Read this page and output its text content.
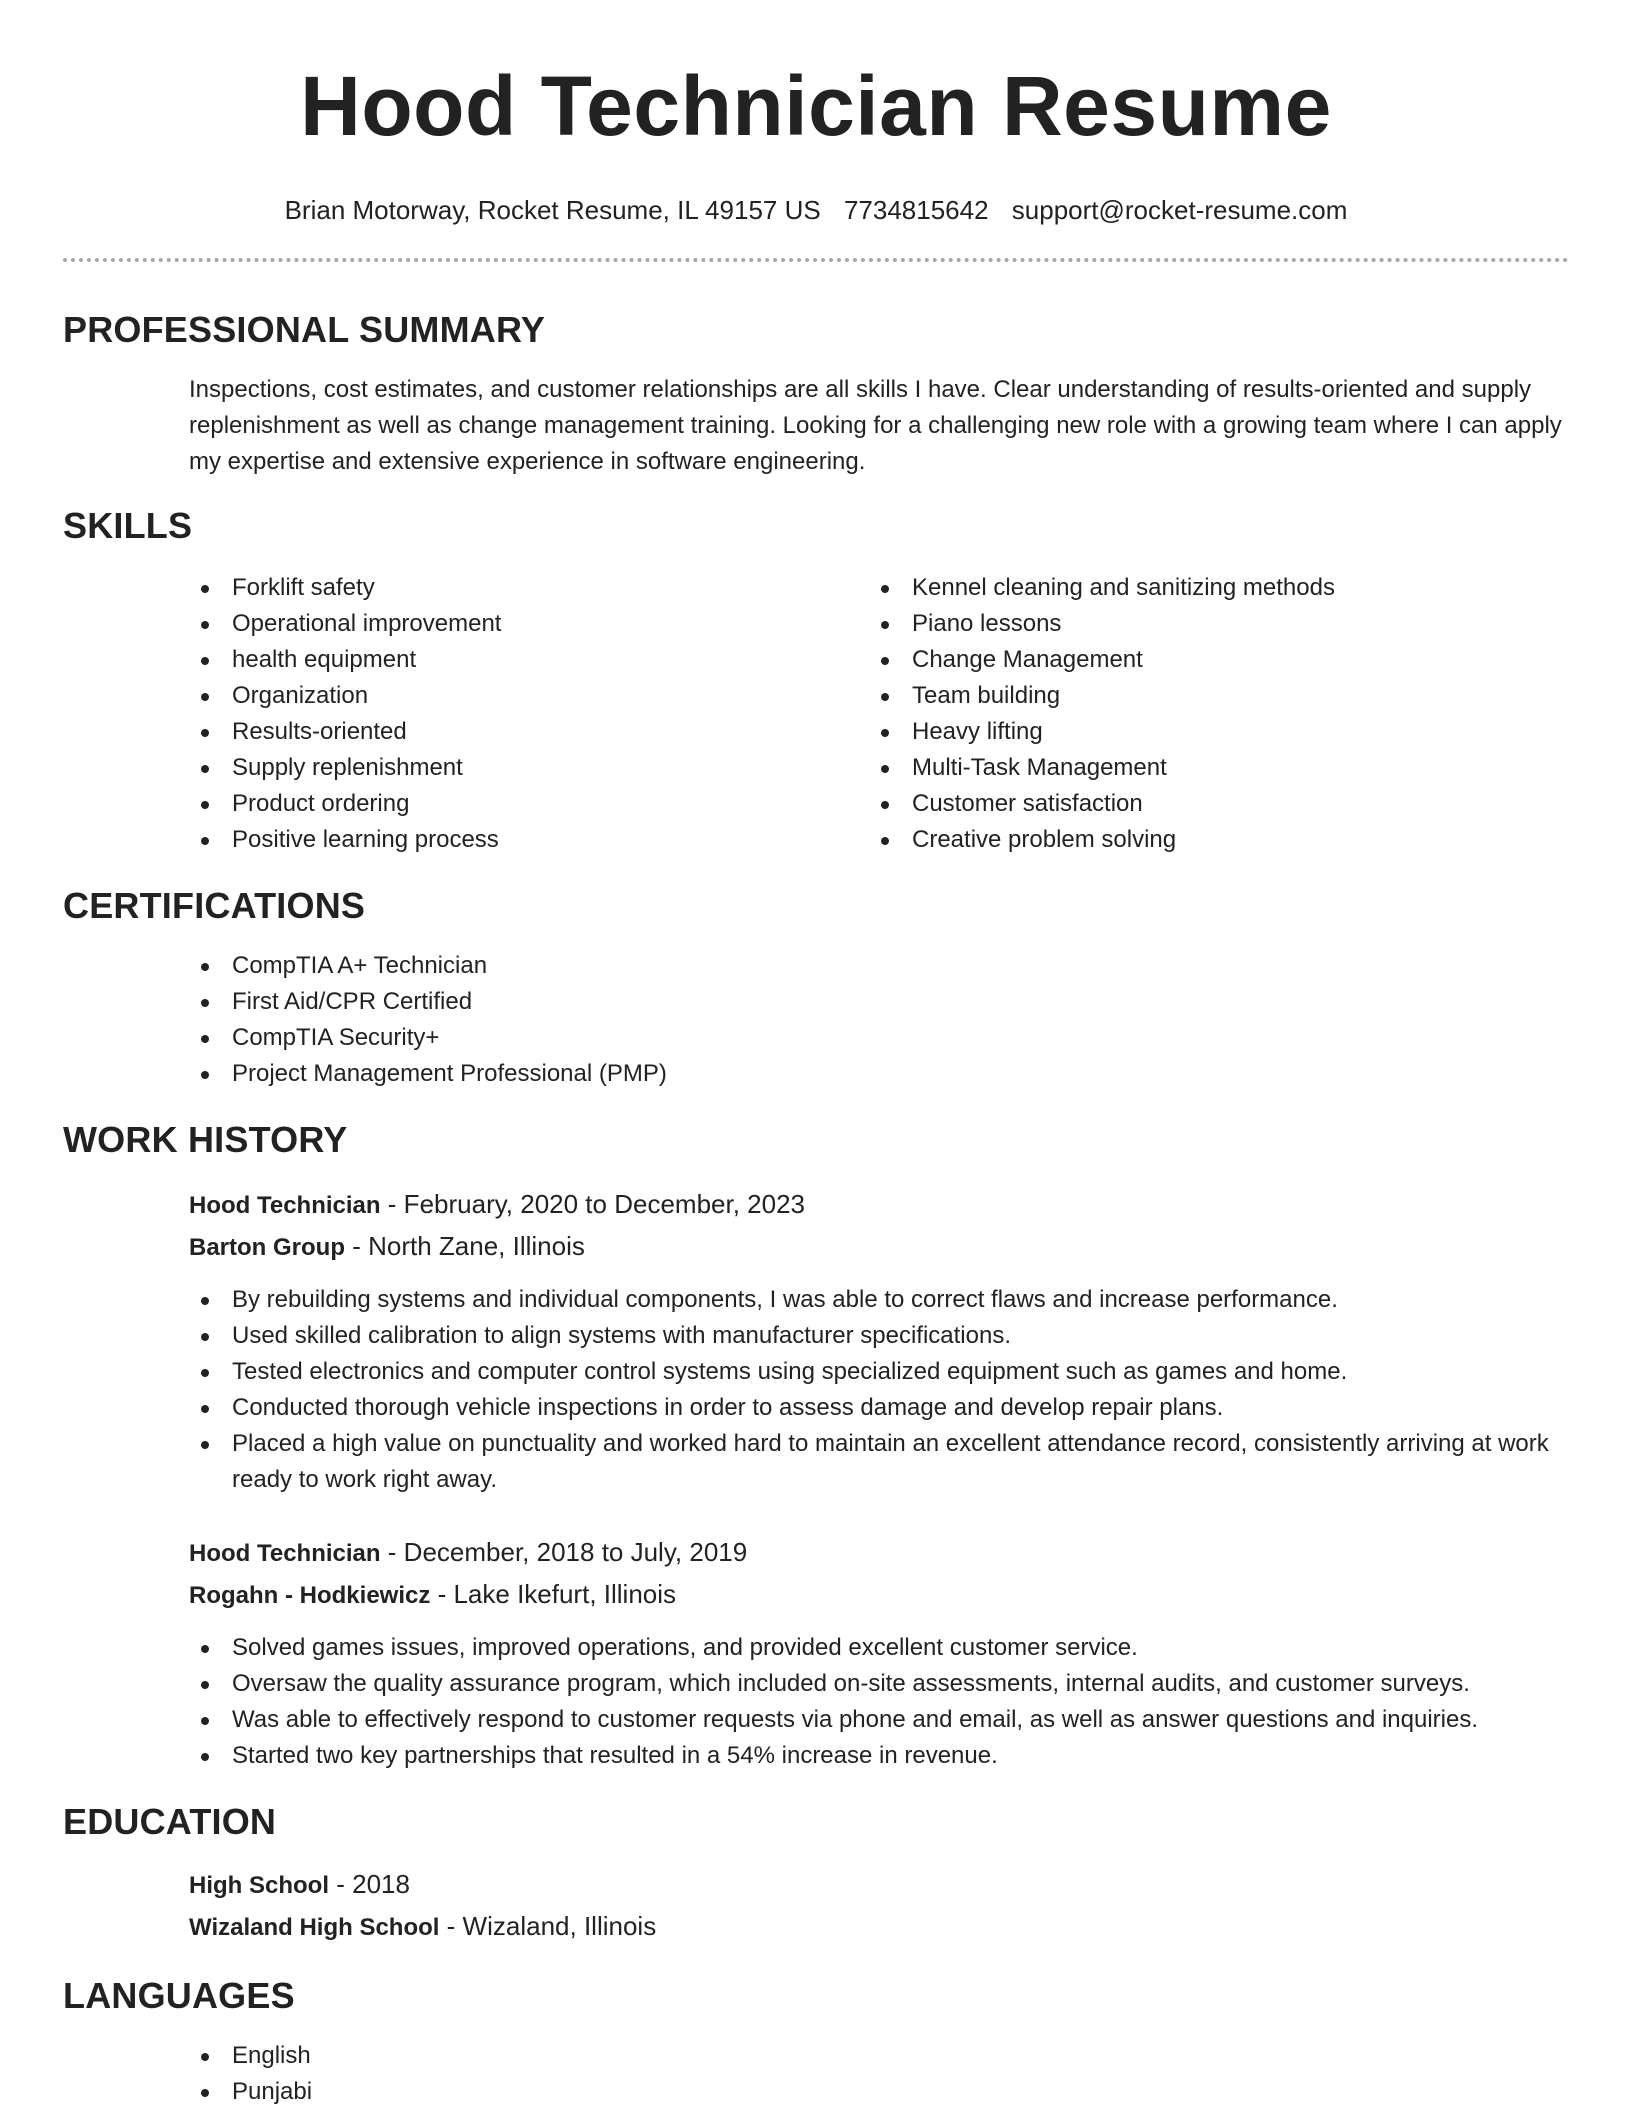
Hood Technician Resume
Brian Motorway, Rocket Resume, IL 49157 US 7734815642 support@rocket-resume.com
PROFESSIONAL SUMMARY
Inspections, cost estimates, and customer relationships are all skills I have. Clear understanding of results-oriented and supply replenishment as well as change management training. Looking for a challenging new role with a growing team where I can apply my expertise and extensive experience in software engineering.
SKILLS
Forklift safety
Operational improvement
health equipment
Organization
Results-oriented
Supply replenishment
Product ordering
Positive learning process
Kennel cleaning and sanitizing methods
Piano lessons
Change Management
Team building
Heavy lifting
Multi-Task Management
Customer satisfaction
Creative problem solving
CERTIFICATIONS
CompTIA A+ Technician
First Aid/CPR Certified
CompTIA Security+
Project Management Professional (PMP)
WORK HISTORY
Hood Technician - February, 2020 to December, 2023
Barton Group - North Zane, Illinois
By rebuilding systems and individual components, I was able to correct flaws and increase performance.
Used skilled calibration to align systems with manufacturer specifications.
Tested electronics and computer control systems using specialized equipment such as games and home.
Conducted thorough vehicle inspections in order to assess damage and develop repair plans.
Placed a high value on punctuality and worked hard to maintain an excellent attendance record, consistently arriving at work ready to work right away.
Hood Technician - December, 2018 to July, 2019
Rogahn - Hodkiewicz - Lake Ikefurt, Illinois
Solved games issues, improved operations, and provided excellent customer service.
Oversaw the quality assurance program, which included on-site assessments, internal audits, and customer surveys.
Was able to effectively respond to customer requests via phone and email, as well as answer questions and inquiries.
Started two key partnerships that resulted in a 54% increase in revenue.
EDUCATION
High School - 2018
Wizaland High School - Wizaland, Illinois
LANGUAGES
English
Punjabi
